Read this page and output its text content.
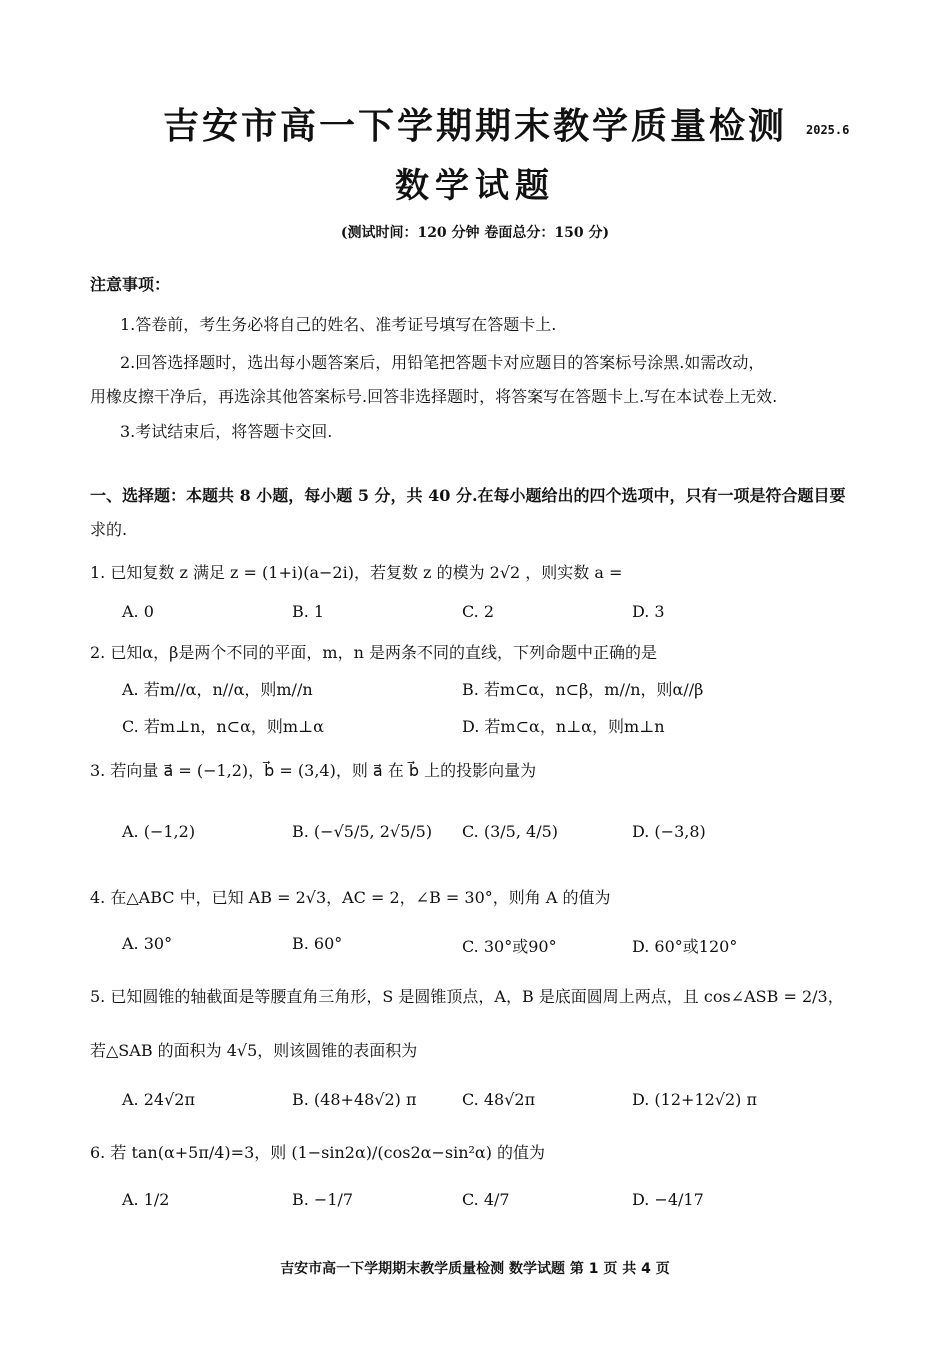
吉安市高一下学期期末教学质量检测	2025.6
数学试题
(测试时间：120 分钟 卷面总分：150 分)
注意事项：
1.答卷前，考生务必将自己的姓名、准考证号填写在答题卡上.
2.回答选择题时，选出每小题答案后，用铅笔把答题卡对应题目的答案标号涂黑.如需改动，
用橡皮擦干净后，再选涂其他答案标号.回答非选择题时，将答案写在答题卡上.写在本试卷上无效.
3.考试结束后，将答题卡交回.
一、选择题：本题共 8 小题，每小题 5 分，共 40 分.在每小题给出的四个选项中，只有一项是符合题目要
求的.
1. 已知复数 z 满足 z = (1+i)(a−2i)，若复数 z 的模为 2√2 ，则实数 a =
A. 0	B. 1	C. 2	D. 3
2. 已知α，β是两个不同的平面，m，n 是两条不同的直线，下列命题中正确的是
A. 若m//α，n//α，则m//n	B. 若m⊂α，n⊂β，m//n，则α//β
C. 若m⊥n，n⊂α，则m⊥α	D. 若m⊂α，n⊥α，则m⊥n
3. 若向量 a⃗ = (−1,2)，b⃗ = (3,4)，则 a⃗ 在 b⃗ 上的投影向量为
A. (−1,2)	B. (−√5/5, 2√5/5) C. (3/5, 4/5)	D. (−3,8)
4. 在△ABC 中，已知 AB = 2√3，AC = 2，∠B = 30°，则角 A 的值为
A. 30°	B. 60°	C. 30°或90°	D. 60°或120°
5. 已知圆锥的轴截面是等腰直角三角形，S 是圆锥顶点，A，B 是底面圆周上两点，且 cos∠ASB = 2/3，
若△SAB 的面积为 4√5，则该圆锥的表面积为
A. 24√2π	B. (48+48√2) π	C. 48√2π	D. (12+12√2) π
6. 若 tan(α+5π/4)=3，则 (1−sin2α)/(cos2α−sin²α) 的值为
A. 1/2	B. −1/7	C. 4/7	D. −4/17
吉安市高一下学期期末教学质量检测 数学试题 第 1 页 共 4 页
